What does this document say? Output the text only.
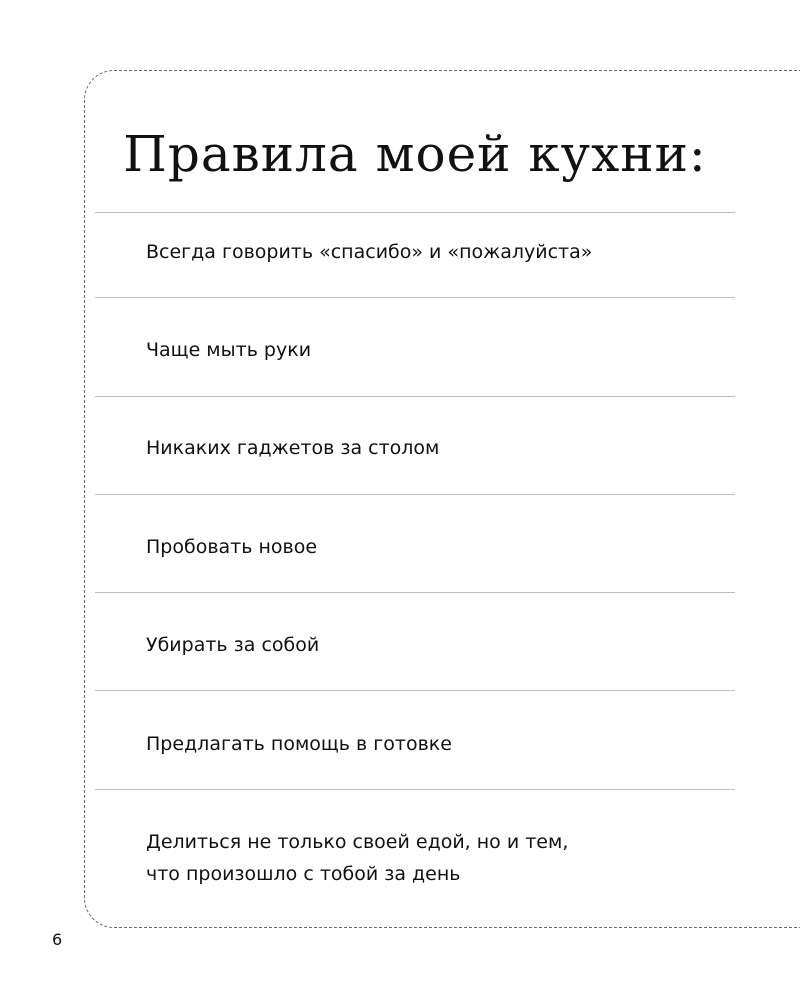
Правила моей кухни:
Всегда говорить «спасибо» и «пожалуйста»
Чаще мыть руки
Никаких гаджетов за столом
Пробовать новое
Убирать за собой
Предлагать помощь в готовке
Делиться не только своей едой, но и тем,
что произошло с тобой за день
6
